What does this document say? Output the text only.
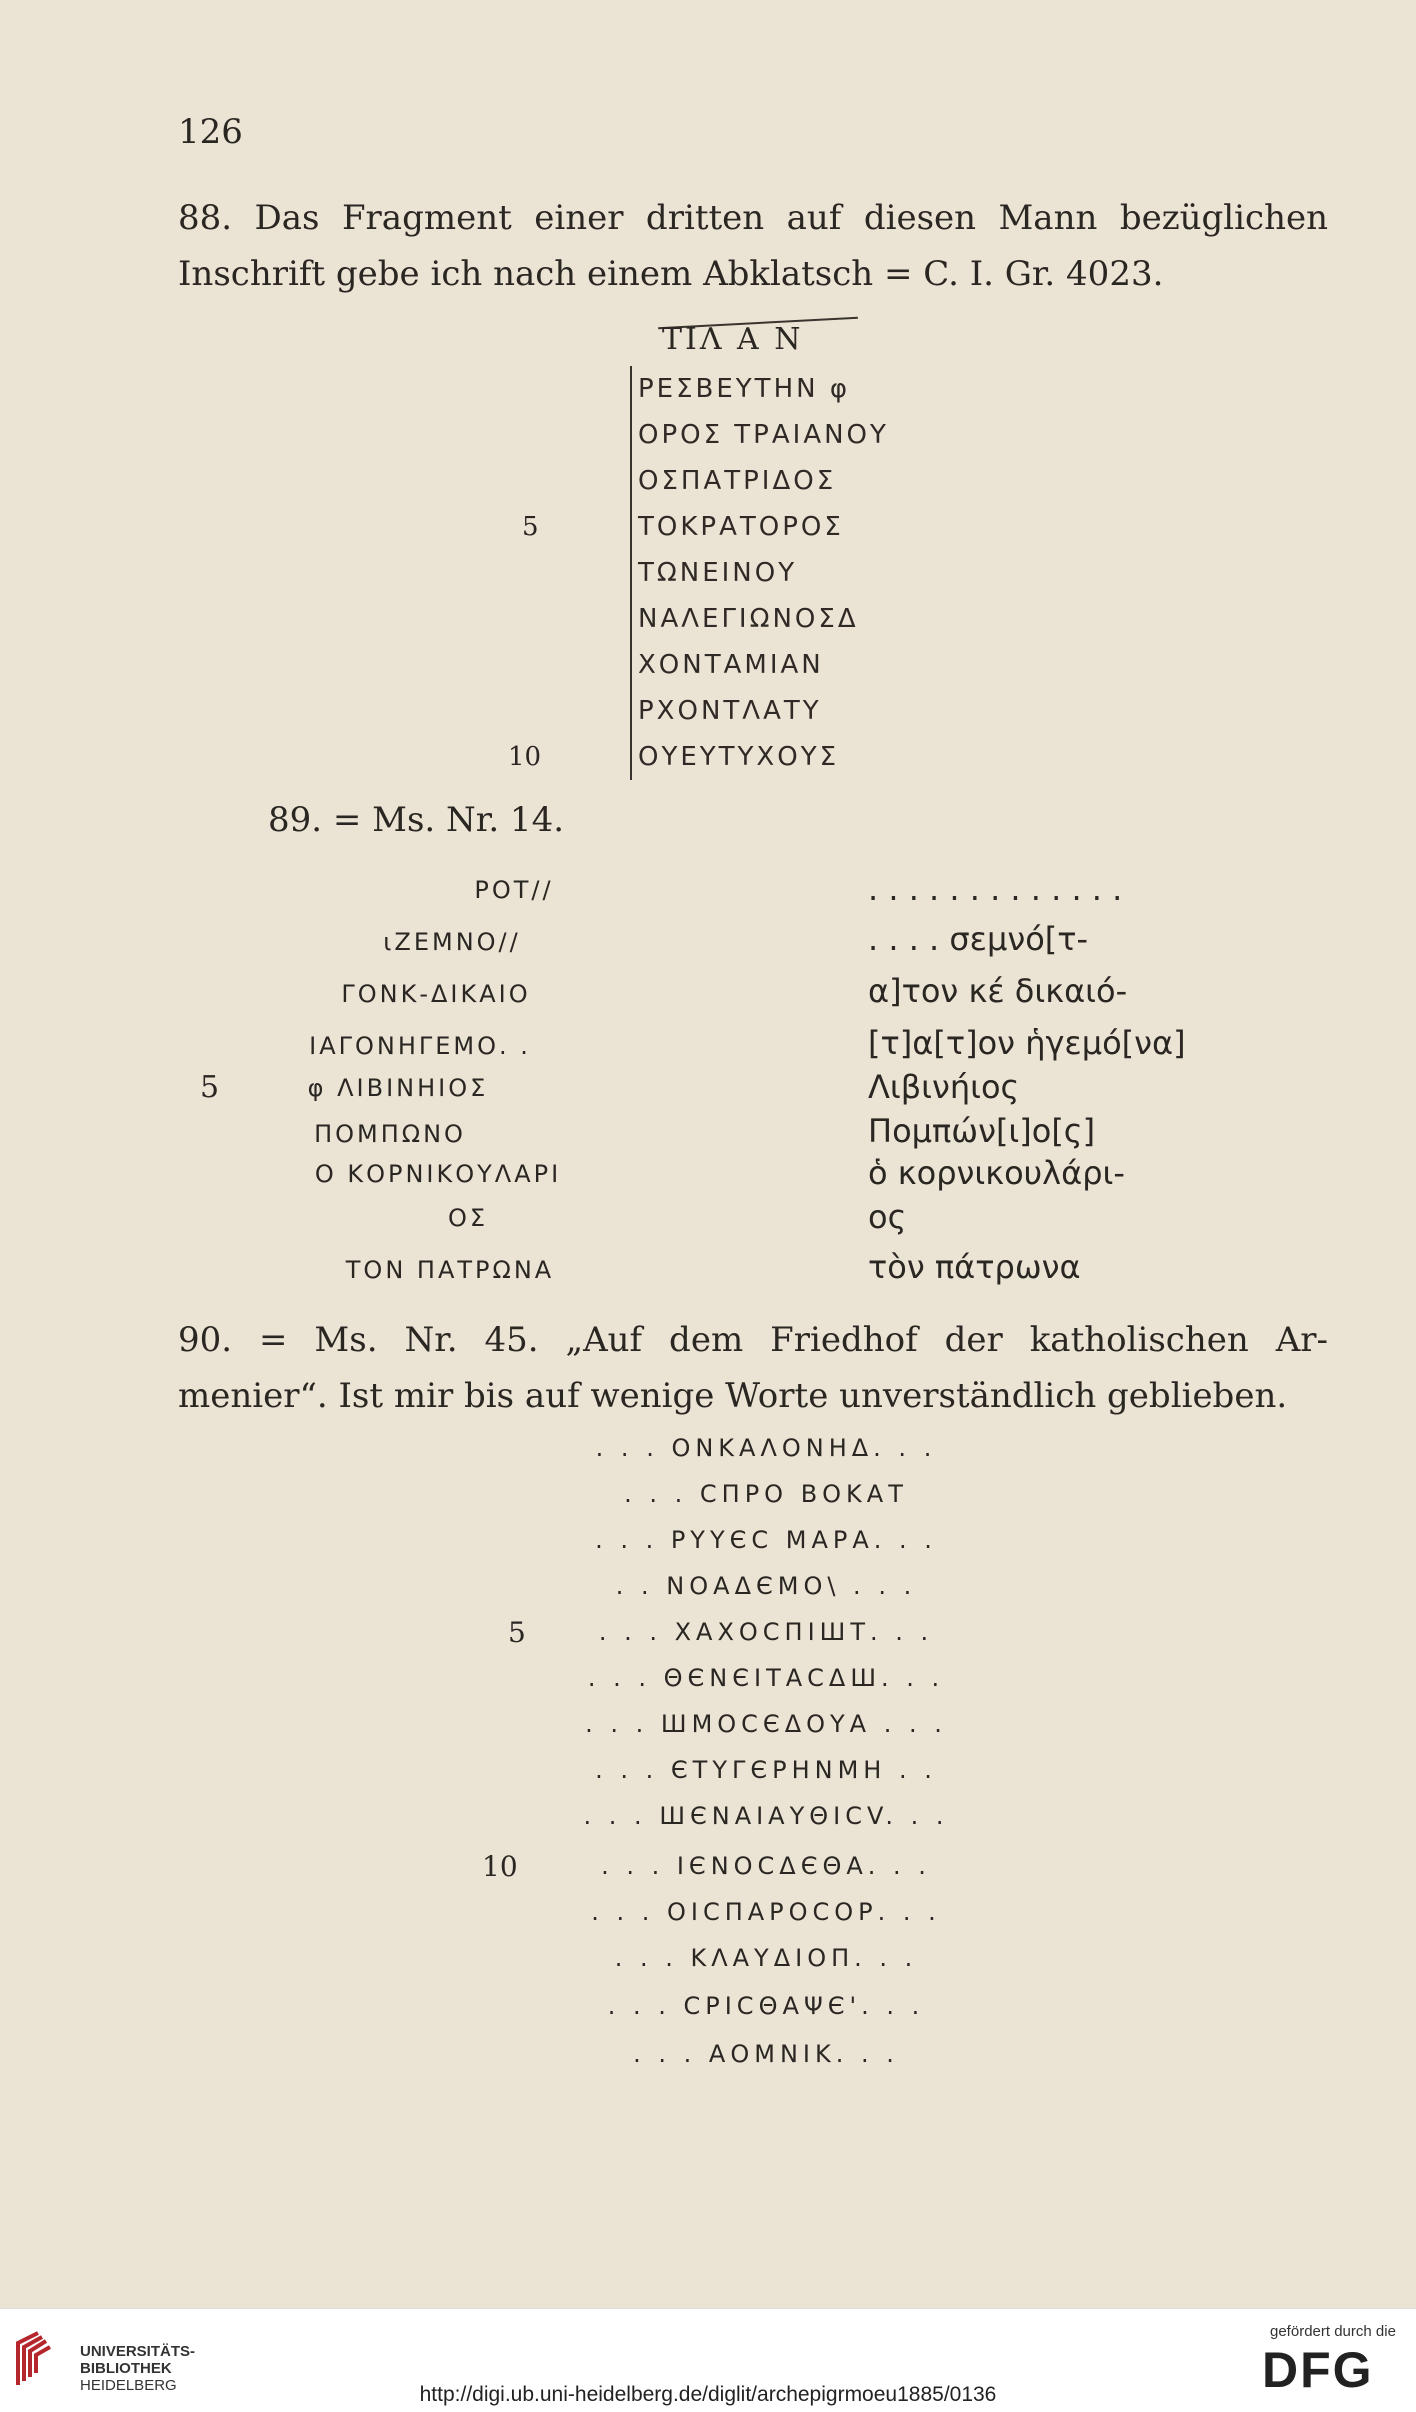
126
88. Das Fragment einer dritten auf diesen Mann bezüglichen
Inschrift gebe ich nach einem Abklatsch = C. I. Gr. 4023.
ΤΙΛ Α Ν
ΡΕΣΒΕΥΤΗΝ φ
ΟΡΟΣ ΤΡΑΙΑΝΟΥ
ΟΣΠΑΤΡΙΔΟΣ
ΤΟΚΡΑΤΟΡΟΣ
ΤΩΝΕΙΝΟΥ
ΝΑΛΕΓΙΩΝΟΣΔ
ΧΟΝΤΑΜΙΑΝ
ΡΧΟΝΤΛΑΤΥ
ΟΥΕΥΤΥΧΟΥΣ
5
10
89. = Ms. Nr. 14.
ΡΟΤ//
ιΖΕΜΝΟ//
ΓΟΝΚ-ΔΙΚΑΙΟ
ΙΑΓΟΝΗΓΕΜΟ. .
φ ΛΙΒΙΝΗΙΟΣ
ΠΟΜΠΩΝΟ
Ο ΚΟΡΝΙΚΟΥΛΑΡΙ
ΟΣ
ΤΟΝ ΠΑΤΡΩΝΑ
5
. . . . . . . . . . . . .
. . . . σεμνό[τ-
α]τον κέ δικαιό-
[τ]α[τ]ον ἡγεμό[να]
Λιβινήιος
Πομπών[ι]ο[ς]
ὁ κορνικουλάρι-
ος
τὸν πάτρωνα
90. = Ms. Nr. 45. „Auf dem Friedhof der katholischen Ar-
menier“. Ist mir bis auf wenige Worte unverständlich geblieben.
. . . ΟΝΚΑΛΟΝΗΔ. . .
. . . CΠΡΟ ΒΟΚΑΤ
. . . ΡΥΥЄC ΜΑΡΑ. . .
. . ΝΟΑΔЄΜΟ\ . . .
. . . ΧΑΧΟCΠΙШΤ. . .
. . . ΘЄΝЄΙΤΑCΔШ. . .
. . . ШΜΟCЄΔΟΥΑ . . .
. . . ЄΤΥΓЄΡΗΝΜΗ . .
. . . ШЄΝΑΙΑΥΘΙCV. . .
. . . ΙЄΝΟCΔЄΘΑ. . .
. . . ΟΙCΠΑΡΟCΟΡ. . .
. . . ΚΛΑΥΔΙΟΠ. . .
. . . CΡΙCΘΑΨЄ'. . .
. . . ΑΟΜΝΙΚ. . .
5
10
UNIVERSITÄTS-
BIBLIOTHEK
HEIDELBERG
gefördert durch die
DFG
http://digi.ub.uni-heidelberg.de/diglit/archepigrmoeu1885/0136
